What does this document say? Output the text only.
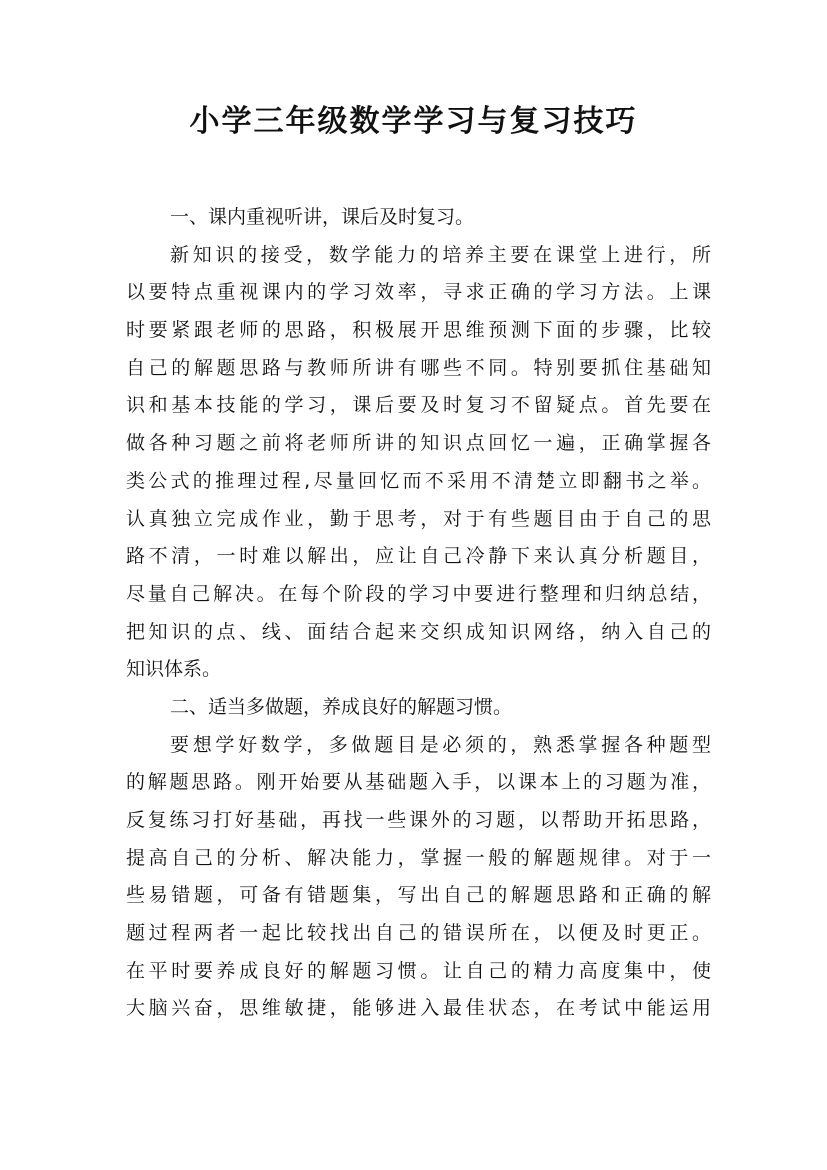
小学三年级数学学习与复习技巧
一、课内重视听讲，课后及时复习。
新知识的接受，数学能力的培养主要在课堂上进行，所
以要特点重视课内的学习效率，寻求正确的学习方法。上课
时要紧跟老师的思路，积极展开思维预测下面的步骤，比较
自己的解题思路与教师所讲有哪些不同。特别要抓住基础知
识和基本技能的学习，课后要及时复习不留疑点。首先要在
做各种习题之前将老师所讲的知识点回忆一遍，正确掌握各
类公式的推理过程,尽量回忆而不采用不清楚立即翻书之举。
认真独立完成作业，勤于思考，对于有些题目由于自己的思
路不清，一时难以解出，应让自己冷静下来认真分析题目，
尽量自己解决。在每个阶段的学习中要进行整理和归纳总结，
把知识的点、线、面结合起来交织成知识网络，纳入自己的
知识体系。
二、适当多做题，养成良好的解题习惯。
要想学好数学，多做题目是必须的，熟悉掌握各种题型
的解题思路。刚开始要从基础题入手，以课本上的习题为准，
反复练习打好基础，再找一些课外的习题，以帮助开拓思路，
提高自己的分析、解决能力，掌握一般的解题规律。对于一
些易错题，可备有错题集，写出自己的解题思路和正确的解
题过程两者一起比较找出自己的错误所在，以便及时更正。
在平时要养成良好的解题习惯。让自己的精力高度集中，使
大脑兴奋，思维敏捷，能够进入最佳状态，在考试中能运用
